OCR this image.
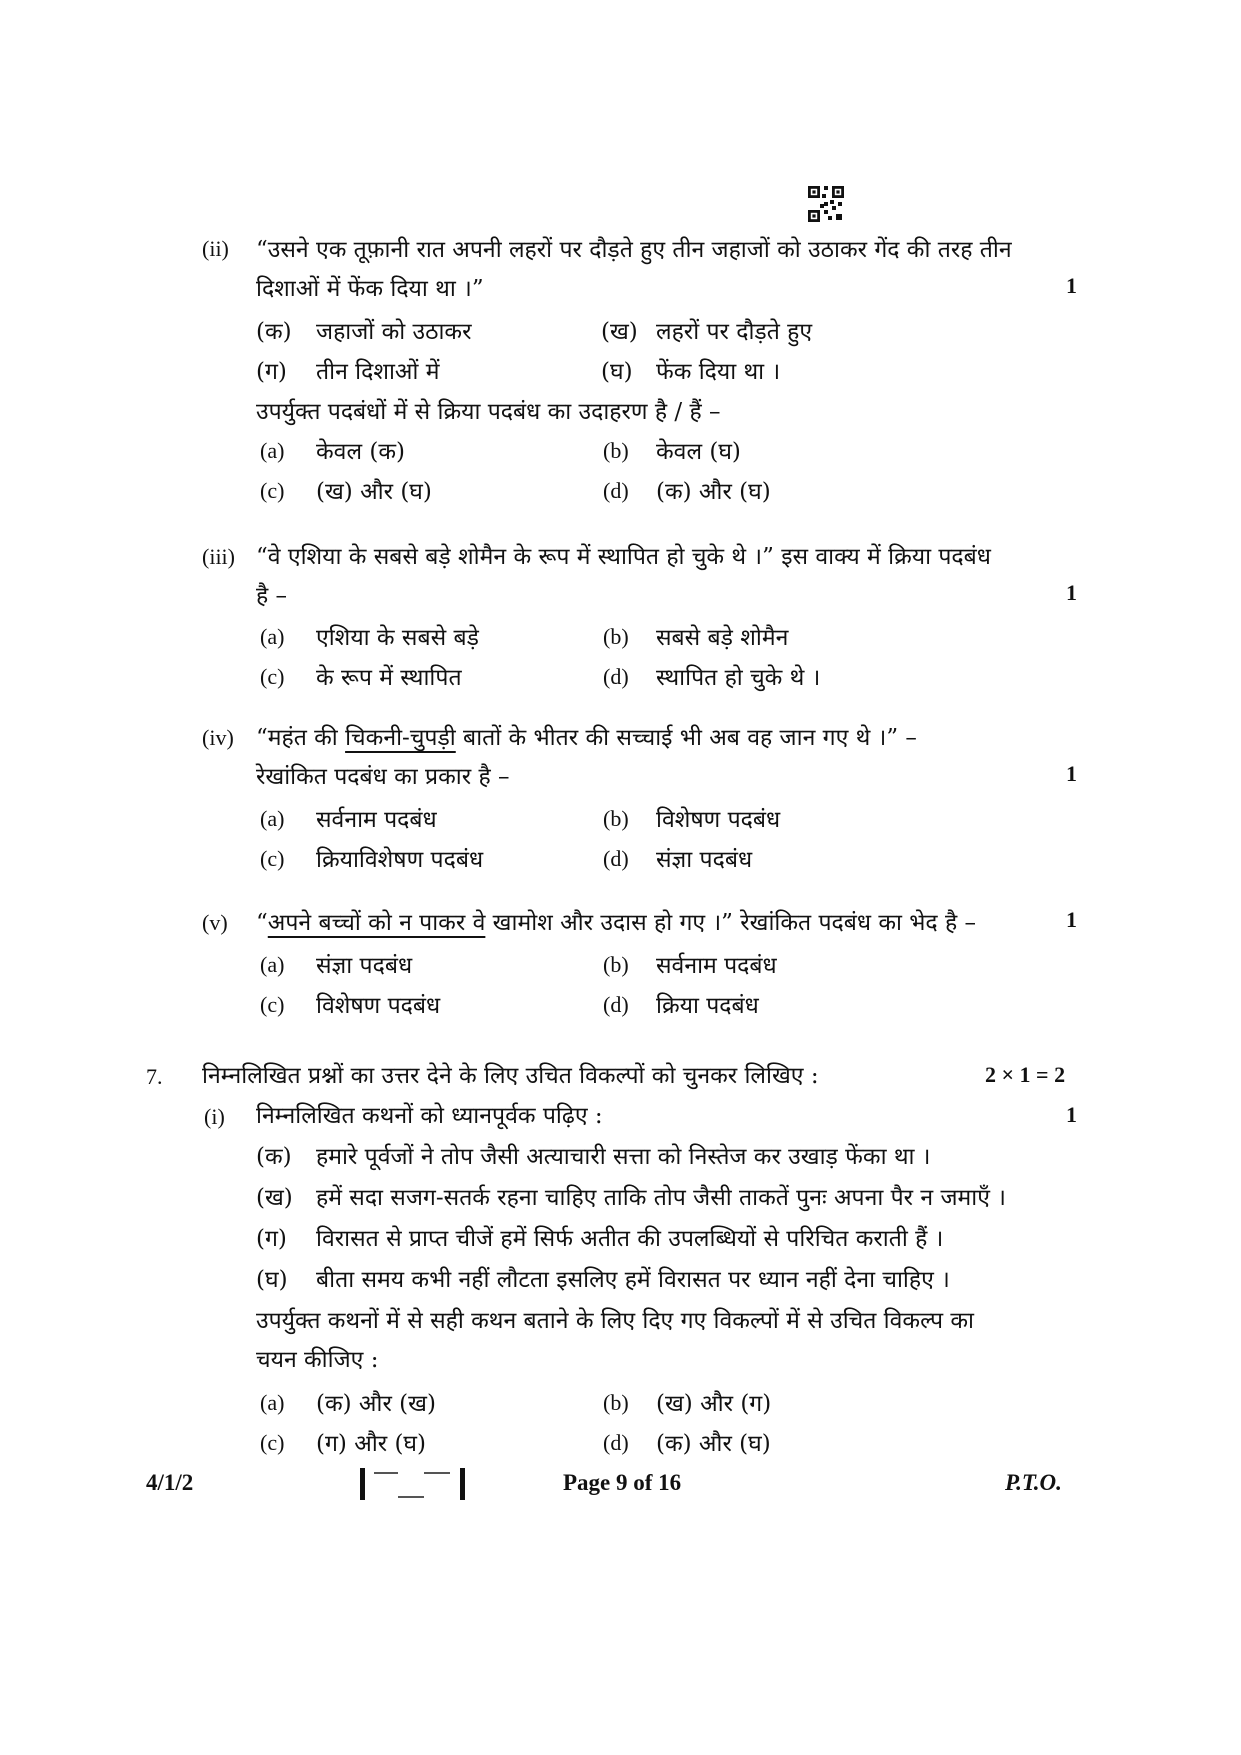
(ii) “उसने एक तूफ़ानी रात अपनी लहरों पर दौड़ते हुए तीन जहाजों को उठाकर गेंद की तरह तीन
दिशाओं में फेंक दिया था ।”	1
(क) जहाजों को उठाकर	(ख) लहरों पर दौड़ते हुए
(ग) तीन दिशाओं में	(घ) फेंक दिया था ।
उपर्युक्त पदबंधों में से क्रिया पदबंध का उदाहरण है / हैं –
(a) केवल (क)	(b) केवल (घ)
(c) (ख) और (घ)	(d) (क) और (घ)
(iii) “वे एशिया के सबसे बड़े शोमैन के रूप में स्थापित हो चुके थे ।” इस वाक्य में क्रिया पदबंध
है –	1
(a) एशिया के सबसे बड़े	(b) सबसे बड़े शोमैन
(c) के रूप में स्थापित	(d) स्थापित हो चुके थे ।
(iv) “महंत की चिकनी-चुपड़ी बातों के भीतर की सच्चाई भी अब वह जान गए थे ।” –
रेखांकित पदबंध का प्रकार है –	1
(a) सर्वनाम पदबंध	(b) विशेषण पदबंध
(c) क्रियाविशेषण पदबंध	(d) संज्ञा पदबंध
(v) “अपने बच्चों को न पाकर वे खामोश और उदास हो गए ।” रेखांकित पदबंध का भेद है –	1
(a) संज्ञा पदबंध	(b) सर्वनाम पदबंध
(c) विशेषण पदबंध	(d) क्रिया पदबंध
7. निम्नलिखित प्रश्नों का उत्तर देने के लिए उचित विकल्पों को चुनकर लिखिए :	2 × 1 = 2
(i) निम्नलिखित कथनों को ध्यानपूर्वक पढ़िए :	1
(क) हमारे पूर्वजों ने तोप जैसी अत्याचारी सत्ता को निस्तेज कर उखाड़ फेंका था ।
(ख) हमें सदा सजग-सतर्क रहना चाहिए ताकि तोप जैसी ताकतें पुनः अपना पैर न जमाएँ ।
(ग) विरासत से प्राप्त चीजें हमें सिर्फ अतीत की उपलब्धियों से परिचित कराती हैं ।
(घ) बीता समय कभी नहीं लौटता इसलिए हमें विरासत पर ध्यान नहीं देना चाहिए ।
उपर्युक्त कथनों में से सही कथन बताने के लिए दिए गए विकल्पों में से उचित विकल्प का
चयन कीजिए :
(a) (क) और (ख)	(b) (ख) और (ग)
(c) (ग) और (घ)	(d) (क) और (घ)
4/1/2	Page 9 of 16	P.T.O.
